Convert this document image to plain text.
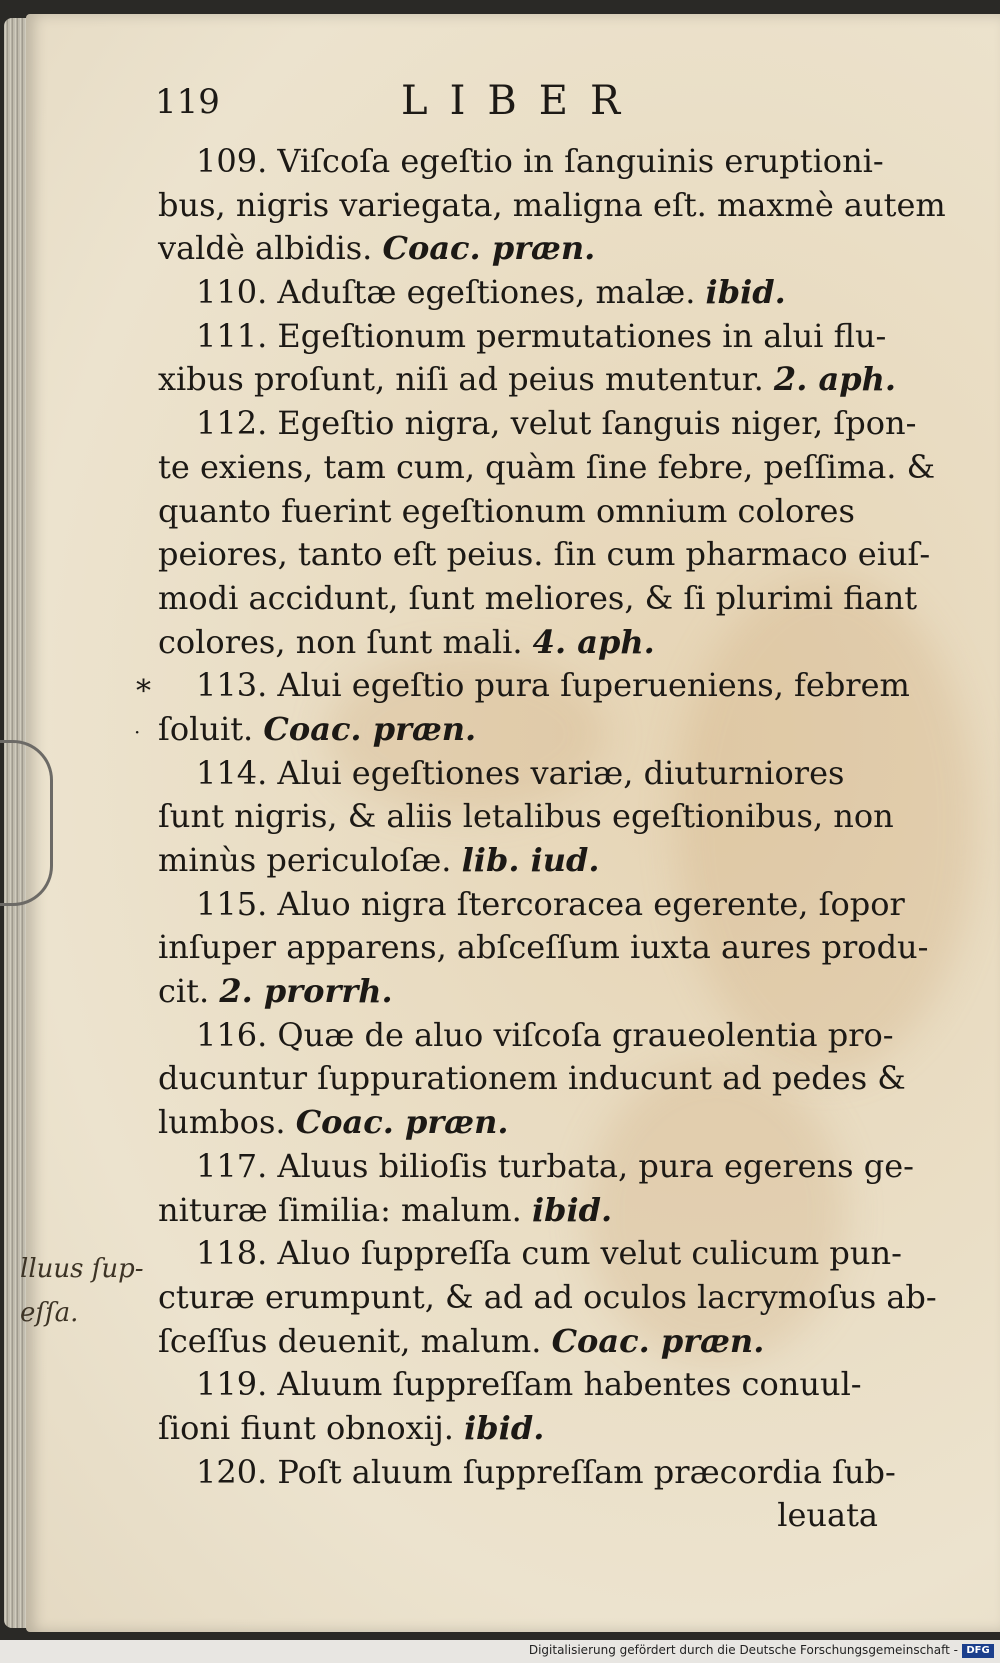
119	LIBER
*
·
lluus ſup-
eſſa.
109. Viſcoſa egeſtio in ſanguinis eruptioni-
bus, nigris variegata, maligna eſt. maxmè autem
valdè albidis. Coac. præn.
110. Aduſtæ egeſtiones, malæ. ibid.
111. Egeſtionum permutationes in alui flu-
xibus proſunt, niſi ad peius mutentur. 2. aph.
112. Egeſtio nigra, velut ſanguis niger, ſpon-
te exiens, tam cum, quàm ſine febre, peſſima. &
quanto fuerint egeſtionum omnium colores
peiores, tanto eſt peius. ſin cum pharmaco eiuſ-
modi accidunt, ſunt meliores, & ſi plurimi fiant
colores, non ſunt mali. 4. aph.
113. Alui egeſtio pura ſuperueniens, febrem
ſoluit. Coac. præn.
114. Alui egeſtiones variæ, diuturniores
ſunt nigris, & aliis letalibus egeſtionibus, non
minùs periculoſæ. lib. iud.
115. Aluo nigra ſtercoracea egerente, ſopor
inſuper apparens, abſceſſum iuxta aures produ-
cit. 2. prorrh.
116. Quæ de aluo viſcoſa graueolentia pro-
ducuntur ſuppurationem inducunt ad pedes &
lumbos. Coac. præn.
117. Aluus bilioſis turbata, pura egerens ge-
nituræ ſimilia: malum. ibid.
118. Aluo ſuppreſſa cum velut culicum pun-
cturæ erumpunt, & ad ad oculos lacrymoſus ab-
ſceſſus deuenit, malum. Coac. præn.
119. Aluum ſuppreſſam habentes conuul-
ſioni fiunt obnoxij. ibid.
120. Poſt aluum ſuppreſſam præcordia ſub-
leuata
Digitalisierung gefördert durch die Deutsche Forschungsgemeinschaft - DFG
